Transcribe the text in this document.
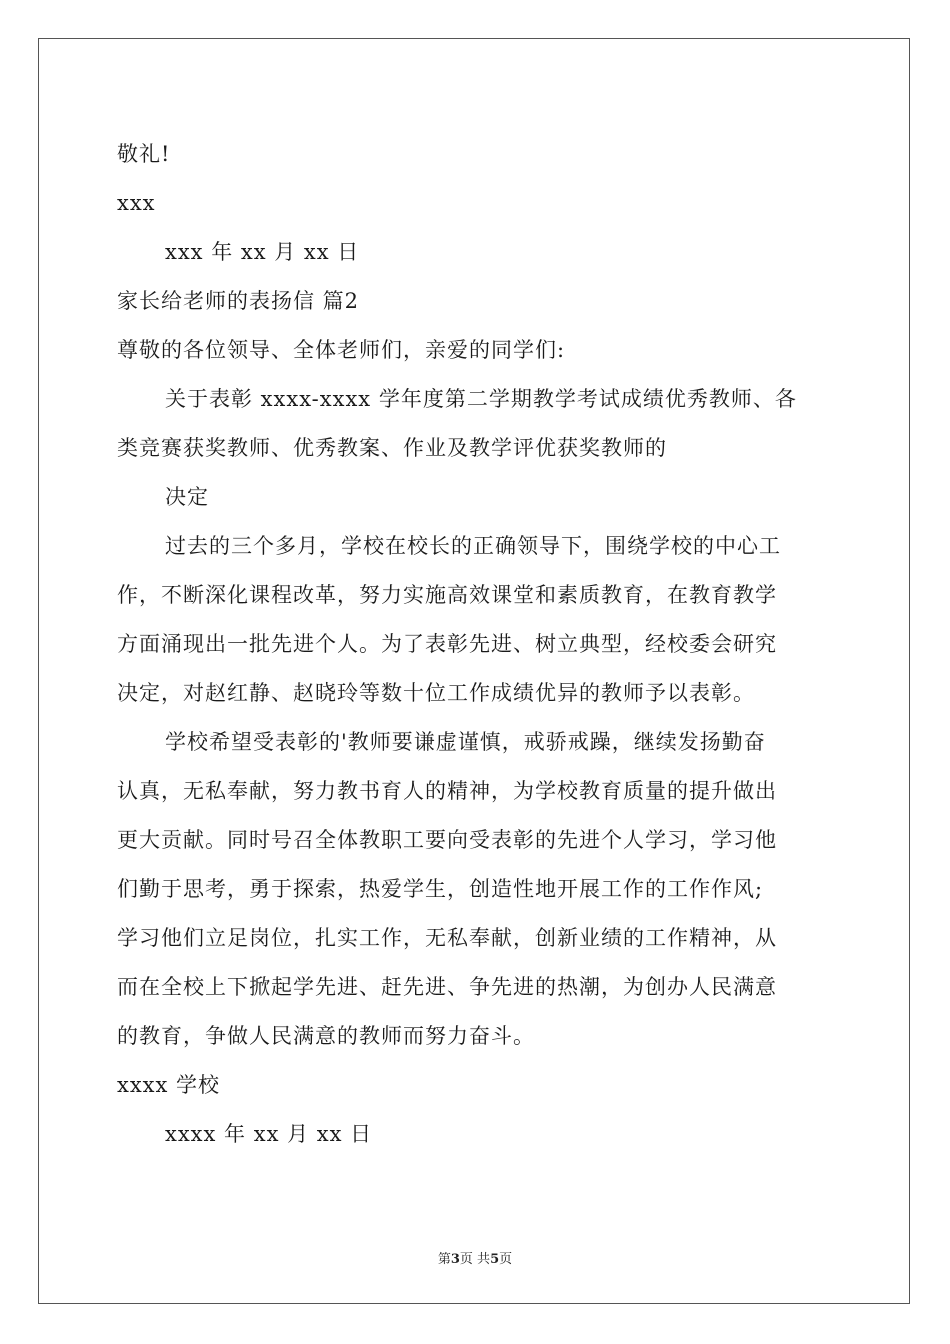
敬礼!
xxx
xxx 年 xx 月 xx 日
家长给老师的表扬信 篇2
尊敬的各位领导、全体老师们，亲爱的同学们:
关于表彰 xxxx-xxxx 学年度第二学期教学考试成绩优秀教师、各
类竞赛获奖教师、优秀教案、作业及教学评优获奖教师的
决定
过去的三个多月，学校在校长的正确领导下，围绕学校的中心工
作，不断深化课程改革，努力实施高效课堂和素质教育，在教育教学
方面涌现出一批先进个人。为了表彰先进、树立典型，经校委会研究
决定，对赵红静、赵晓玲等数十位工作成绩优异的教师予以表彰。
学校希望受表彰的'教师要谦虚谨慎，戒骄戒躁，继续发扬勤奋
认真，无私奉献，努力教书育人的精神，为学校教育质量的提升做出
更大贡献。同时号召全体教职工要向受表彰的先进个人学习，学习他
们勤于思考，勇于探索，热爱学生，创造性地开展工作的工作作风;
学习他们立足岗位，扎实工作，无私奉献，创新业绩的工作精神，从
而在全校上下掀起学先进、赶先进、争先进的热潮，为创办人民满意
的教育，争做人民满意的教师而努力奋斗。
xxxx 学校
xxxx 年 xx 月 xx 日
第3页 共5页
